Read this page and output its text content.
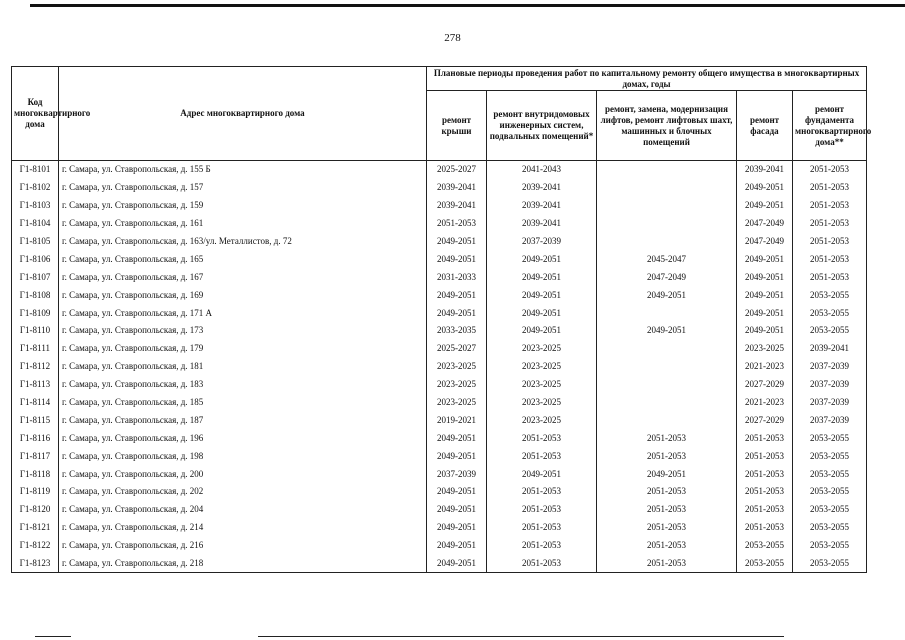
278
Код многоквартирного дома	Адрес многоквартирного дома	Плановые периоды проведения работ по капитальному ремонту общего имущества в многоквартирных домах, годы				
		ремонт крыши	ремонт внутридомовых инженерных систем, подвальных помещений*	ремонт, замена, модернизация лифтов, ремонт лифтовых шахт, машинных и блочных помещений	ремонт фасада	ремонт фундамента многоквартирного дома**
Г1-8101	г. Самара, ул. Ставропольская, д. 155 Б	2025-2027	2041-2043		2039-2041	2051-2053
Г1-8102	г. Самара, ул. Ставропольская, д. 157	2039-2041	2039-2041		2049-2051	2051-2053
Г1-8103	г. Самара, ул. Ставропольская, д. 159	2039-2041	2039-2041		2049-2051	2051-2053
Г1-8104	г. Самара, ул. Ставропольская, д. 161	2051-2053	2039-2041		2047-2049	2051-2053
Г1-8105	г. Самара, ул. Ставропольская, д. 163/ул. Металлистов, д. 72	2049-2051	2037-2039		2047-2049	2051-2053
Г1-8106	г. Самара, ул. Ставропольская, д. 165	2049-2051	2049-2051	2045-2047	2049-2051	2051-2053
Г1-8107	г. Самара, ул. Ставропольская, д. 167	2031-2033	2049-2051	2047-2049	2049-2051	2051-2053
Г1-8108	г. Самара, ул. Ставропольская, д. 169	2049-2051	2049-2051	2049-2051	2049-2051	2053-2055
Г1-8109	г. Самара, ул. Ставропольская, д. 171 А	2049-2051	2049-2051		2049-2051	2053-2055
Г1-8110	г. Самара, ул. Ставропольская, д. 173	2033-2035	2049-2051	2049-2051	2049-2051	2053-2055
Г1-8111	г. Самара, ул. Ставропольская, д. 179	2025-2027	2023-2025		2023-2025	2039-2041
Г1-8112	г. Самара, ул. Ставропольская, д. 181	2023-2025	2023-2025		2021-2023	2037-2039
Г1-8113	г. Самара, ул. Ставропольская, д. 183	2023-2025	2023-2025		2027-2029	2037-2039
Г1-8114	г. Самара, ул. Ставропольская, д. 185	2023-2025	2023-2025		2021-2023	2037-2039
Г1-8115	г. Самара, ул. Ставропольская, д. 187	2019-2021	2023-2025		2027-2029	2037-2039
Г1-8116	г. Самара, ул. Ставропольская, д. 196	2049-2051	2051-2053	2051-2053	2051-2053	2053-2055
Г1-8117	г. Самара, ул. Ставропольская, д. 198	2049-2051	2051-2053	2051-2053	2051-2053	2053-2055
Г1-8118	г. Самара, ул. Ставропольская, д. 200	2037-2039	2049-2051	2049-2051	2051-2053	2053-2055
Г1-8119	г. Самара, ул. Ставропольская, д. 202	2049-2051	2051-2053	2051-2053	2051-2053	2053-2055
Г1-8120	г. Самара, ул. Ставропольская, д. 204	2049-2051	2051-2053	2051-2053	2051-2053	2053-2055
Г1-8121	г. Самара, ул. Ставропольская, д. 214	2049-2051	2051-2053	2051-2053	2051-2053	2053-2055
Г1-8122	г. Самара, ул. Ставропольская, д. 216	2049-2051	2051-2053	2051-2053	2053-2055	2053-2055
Г1-8123	г. Самара, ул. Ставропольская, д. 218	2049-2051	2051-2053	2051-2053	2053-2055	2053-2055
